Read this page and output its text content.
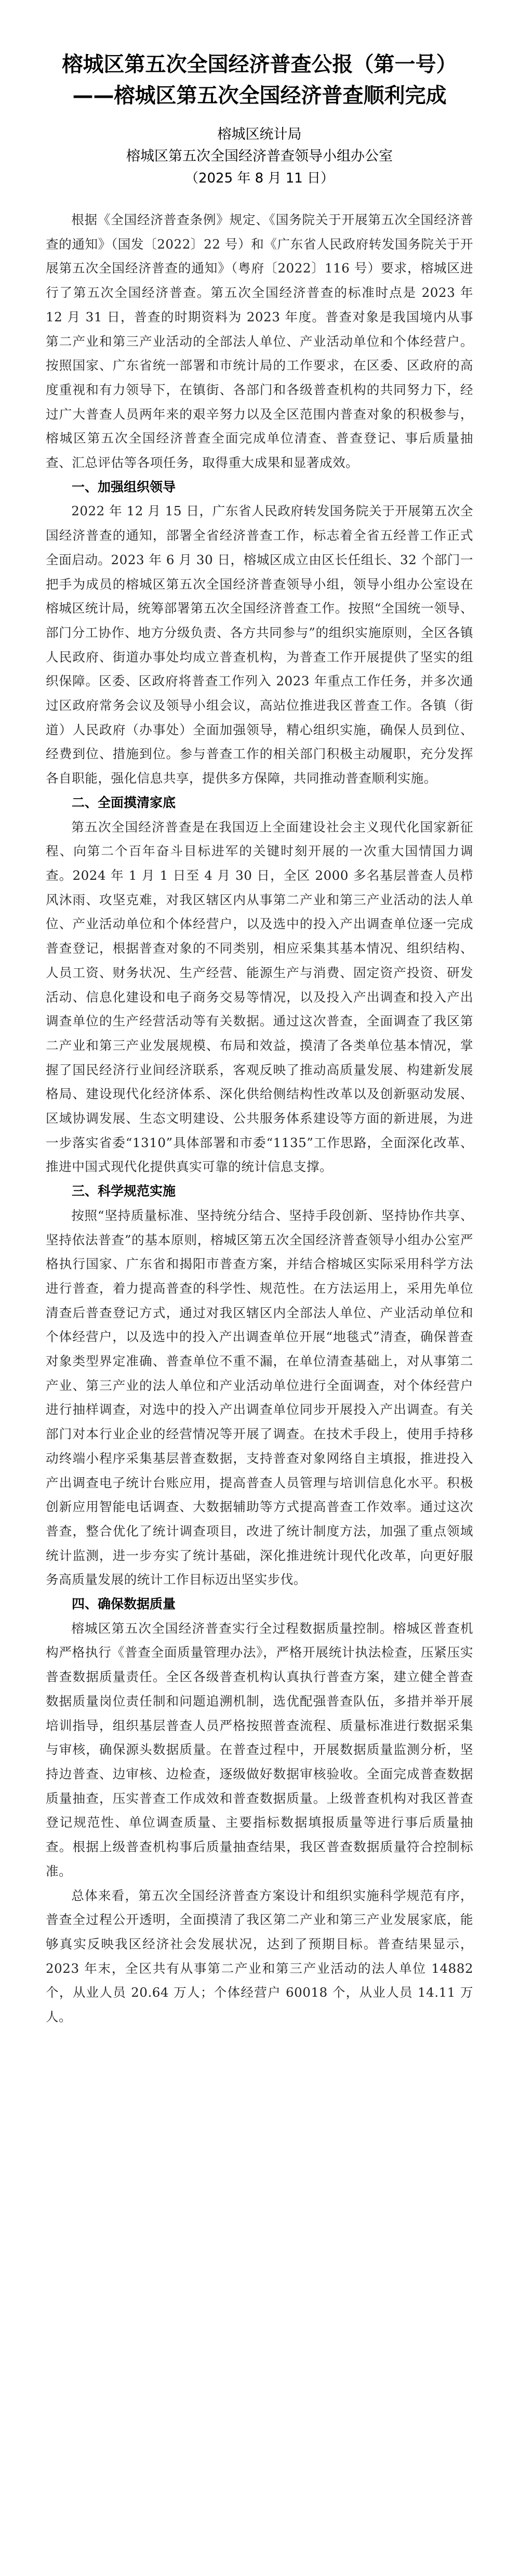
榕城区第五次全国经济普查公报（第一号）
——榕城区第五次全国经济普查顺利完成
榕城区统计局
榕城区第五次全国经济普查领导小组办公室
（2025 年 8 月 11 日）

根据《全国经济普查条例》规定、《国务院关于开展第五次全国经济普查的通知》（国发〔2022〕22 号）和《广东省人民政府转发国务院关于开展第五次全国经济普查的通知》（粤府〔2022〕116 号）要求，榕城区进行了第五次全国经济普查。第五次全国经济普查的标准时点是 2023 年 12 月 31 日，普查的时期资料为 2023 年度。普查对象是我国境内从事第二产业和第三产业活动的全部法人单位、产业活动单位和个体经营户。按照国家、广东省统一部署和市统计局的工作要求，在区委、区政府的高度重视和有力领导下，在镇街、各部门和各级普查机构的共同努力下，经过广大普查人员两年来的艰辛努力以及全区范围内普查对象的积极参与，榕城区第五次全国经济普查全面完成单位清查、普查登记、事后质量抽查、汇总评估等各项任务，取得重大成果和显著成效。

一、加强组织领导

2022 年 12 月 15 日，广东省人民政府转发国务院关于开展第五次全国经济普查的通知，部署全省经济普查工作，标志着全省五经普工作正式全面启动。2023 年 6 月 30 日，榕城区成立由区长任组长、32 个部门一把手为成员的榕城区第五次全国经济普查领导小组，领导小组办公室设在榕城区统计局，统筹部署第五次全国经济普查工作。按照“全国统一领导、部门分工协作、地方分级负责、各方共同参与”的组织实施原则，全区各镇人民政府、街道办事处均成立普查机构，为普查工作开展提供了坚实的组织保障。区委、区政府将普查工作列入 2023 年重点工作任务，并多次通过区政府常务会议及领导小组会议，高站位推进我区普查工作。各镇（街道）人民政府（办事处）全面加强领导，精心组织实施，确保人员到位、经费到位、措施到位。参与普查工作的相关部门积极主动履职，充分发挥各自职能，强化信息共享，提供多方保障，共同推动普查顺利实施。

二、全面摸清家底

第五次全国经济普查是在我国迈上全面建设社会主义现代化国家新征程、向第二个百年奋斗目标进军的关键时刻开展的一次重大国情国力调查。2024 年 1 月 1 日至 4 月 30 日，全区 2000 多名基层普查人员栉风沐雨、攻坚克难，对我区辖区内从事第二产业和第三产业活动的法人单位、产业活动单位和个体经营户，以及选中的投入产出调查单位逐一完成普查登记，根据普查对象的不同类别，相应采集其基本情况、组织结构、人员工资、财务状况、生产经营、能源生产与消费、固定资产投资、研发活动、信息化建设和电子商务交易等情况，以及投入产出调查和投入产出调查单位的生产经营活动等有关数据。通过这次普查，全面调查了我区第二产业和第三产业发展规模、布局和效益，摸清了各类单位基本情况，掌握了国民经济行业间经济联系，客观反映了推动高质量发展、构建新发展格局、建设现代化经济体系、深化供给侧结构性改革以及创新驱动发展、区域协调发展、生态文明建设、公共服务体系建设等方面的新进展，为进一步落实省委“1310”具体部署和市委“1135”工作思路，全面深化改革、推进中国式现代化提供真实可靠的统计信息支撑。

三、科学规范实施

按照“坚持质量标准、坚持统分结合、坚持手段创新、坚持协作共享、坚持依法普查”的基本原则，榕城区第五次全国经济普查领导小组办公室严格执行国家、广东省和揭阳市普查方案，并结合榕城区实际采用科学方法进行普查，着力提高普查的科学性、规范性。在方法运用上，采用先单位清查后普查登记方式，通过对我区辖区内全部法人单位、产业活动单位和个体经营户，以及选中的投入产出调查单位开展“地毯式”清查，确保普查对象类型界定准确、普查单位不重不漏，在单位清查基础上，对从事第二产业、第三产业的法人单位和产业活动单位进行全面调查，对个体经营户进行抽样调查，对选中的投入产出调查单位同步开展投入产出调查。有关部门对本行业企业的经营情况等开展了调查。在技术手段上，使用手持移动终端小程序采集基层普查数据，支持普查对象网络自主填报，推进投入产出调查电子统计台账应用，提高普查人员管理与培训信息化水平。积极创新应用智能电话调查、大数据辅助等方式提高普查工作效率。通过这次普查，整合优化了统计调查项目，改进了统计制度方法，加强了重点领域统计监测，进一步夯实了统计基础，深化推进统计现代化改革，向更好服务高质量发展的统计工作目标迈出坚实步伐。

四、确保数据质量

榕城区第五次全国经济普查实行全过程数据质量控制。榕城区普查机构严格执行《普查全面质量管理办法》，严格开展统计执法检查，压紧压实普查数据质量责任。全区各级普查机构认真执行普查方案，建立健全普查数据质量岗位责任制和问题追溯机制，选优配强普查队伍，多措并举开展培训指导，组织基层普查人员严格按照普查流程、质量标准进行数据采集与审核，确保源头数据质量。在普查过程中，开展数据质量监测分析，坚持边普查、边审核、边检查，逐级做好数据审核验收。全面完成普查数据质量抽查，压实普查工作成效和普查数据质量。上级普查机构对我区普查登记规范性、单位调查质量、主要指标数据填报质量等进行事后质量抽查。根据上级普查机构事后质量抽查结果，我区普查数据质量符合控制标准。

总体来看，第五次全国经济普查方案设计和组织实施科学规范有序，普查全过程公开透明，全面摸清了我区第二产业和第三产业发展家底，能够真实反映我区经济社会发展状况，达到了预期目标。普查结果显示，2023 年末，全区共有从事第二产业和第三产业活动的法人单位 14882 个，从业人员 20.64 万人；个体经营户 60018 个，从业人员 14.11 万人。
